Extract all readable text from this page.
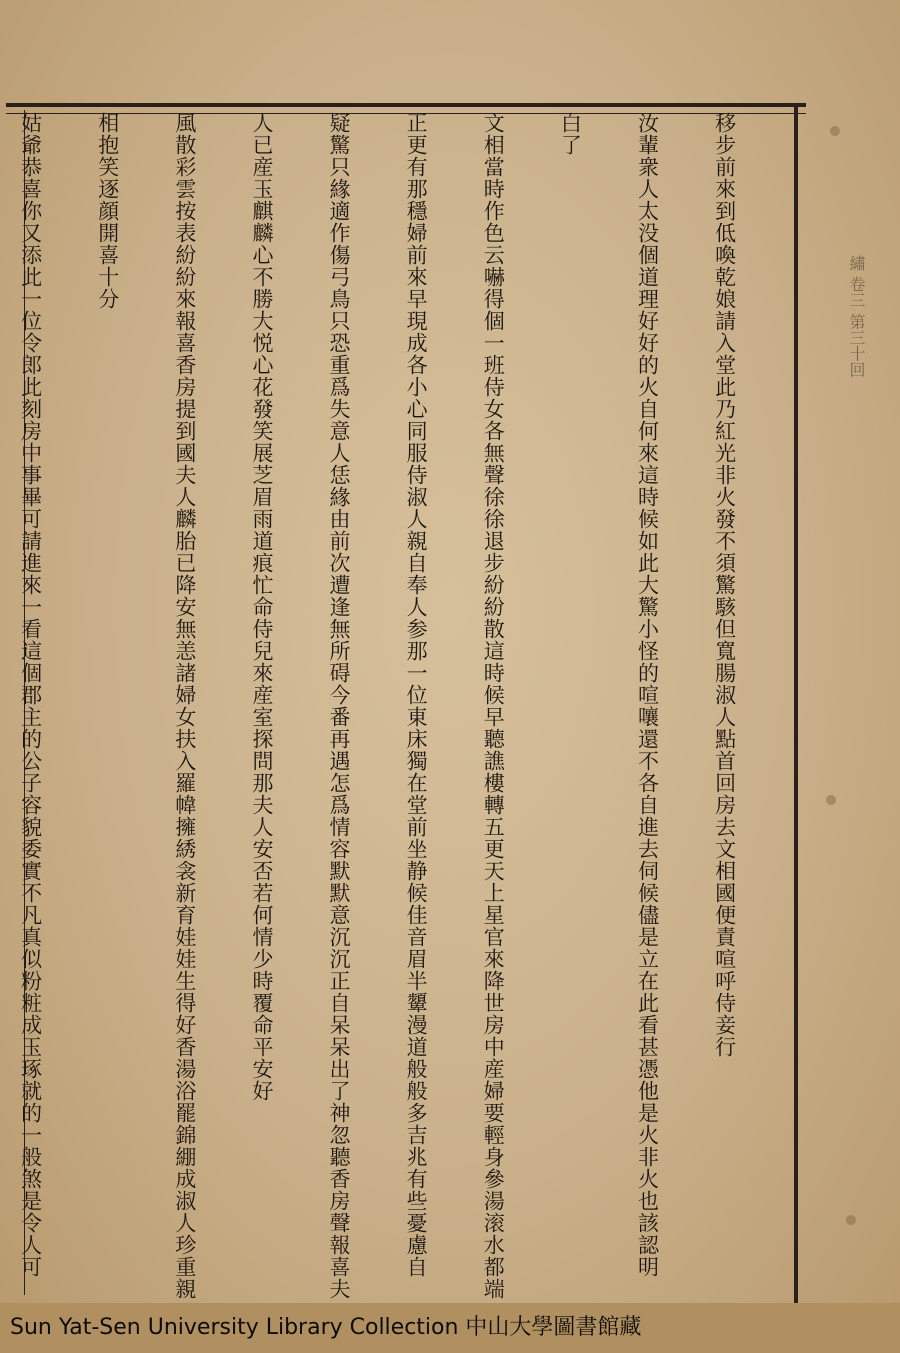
繡 卷三 第三十回

移步前來到低喚乾娘請入堂此乃紅光非火發不須驚駭但寬腸淑人點首回房去文相國便責喧呼侍妾行

汝輩衆人太没個道理好好的火自何來這時候如此大驚小怪的喧嚷還不各自進去伺候儘是立在此看甚憑他是火非火也該認明

白了

文相當時作色云嚇得個一班侍女各無聲徐徐退步紛紛散這時候早聽譙樓轉五更天上星官來降世房中産婦要輕身參湯滚水都端

正更有那穩婦前來早現成各小心同服侍淑人親自奉人参那一位東床獨在堂前坐静候佳音眉半顰漫道般般多吉兆有些憂慮自

疑驚只緣適作傷弓鳥只恐重爲失意人恁緣由前次遭逢無所碍今番再遇怎爲情容默默意沉沉正自呆呆出了神忽聽香房聲報喜夫

人已産玉麒麟心不勝大悦心花發笑展芝眉雨道痕忙命侍兒來産室探問那夫人安否若何情少時覆命平安好

風散彩雲按表紛紛來報喜香房提到國夫人麟胎已降安無恙諸婦女扶入羅幃擁綉衾新育娃娃生得好香湯浴罷錦綳成淑人珍重親

相抱笑逐顔開喜十分

姑爺恭喜你又添此一位令郎此刻房中事畢可請進來一看這個郡主的公子容貌委實不凡真似粉粧成玉琢就的一般煞是令人可

Sun Yat-Sen University Library Collection 中山大學圖書館藏
